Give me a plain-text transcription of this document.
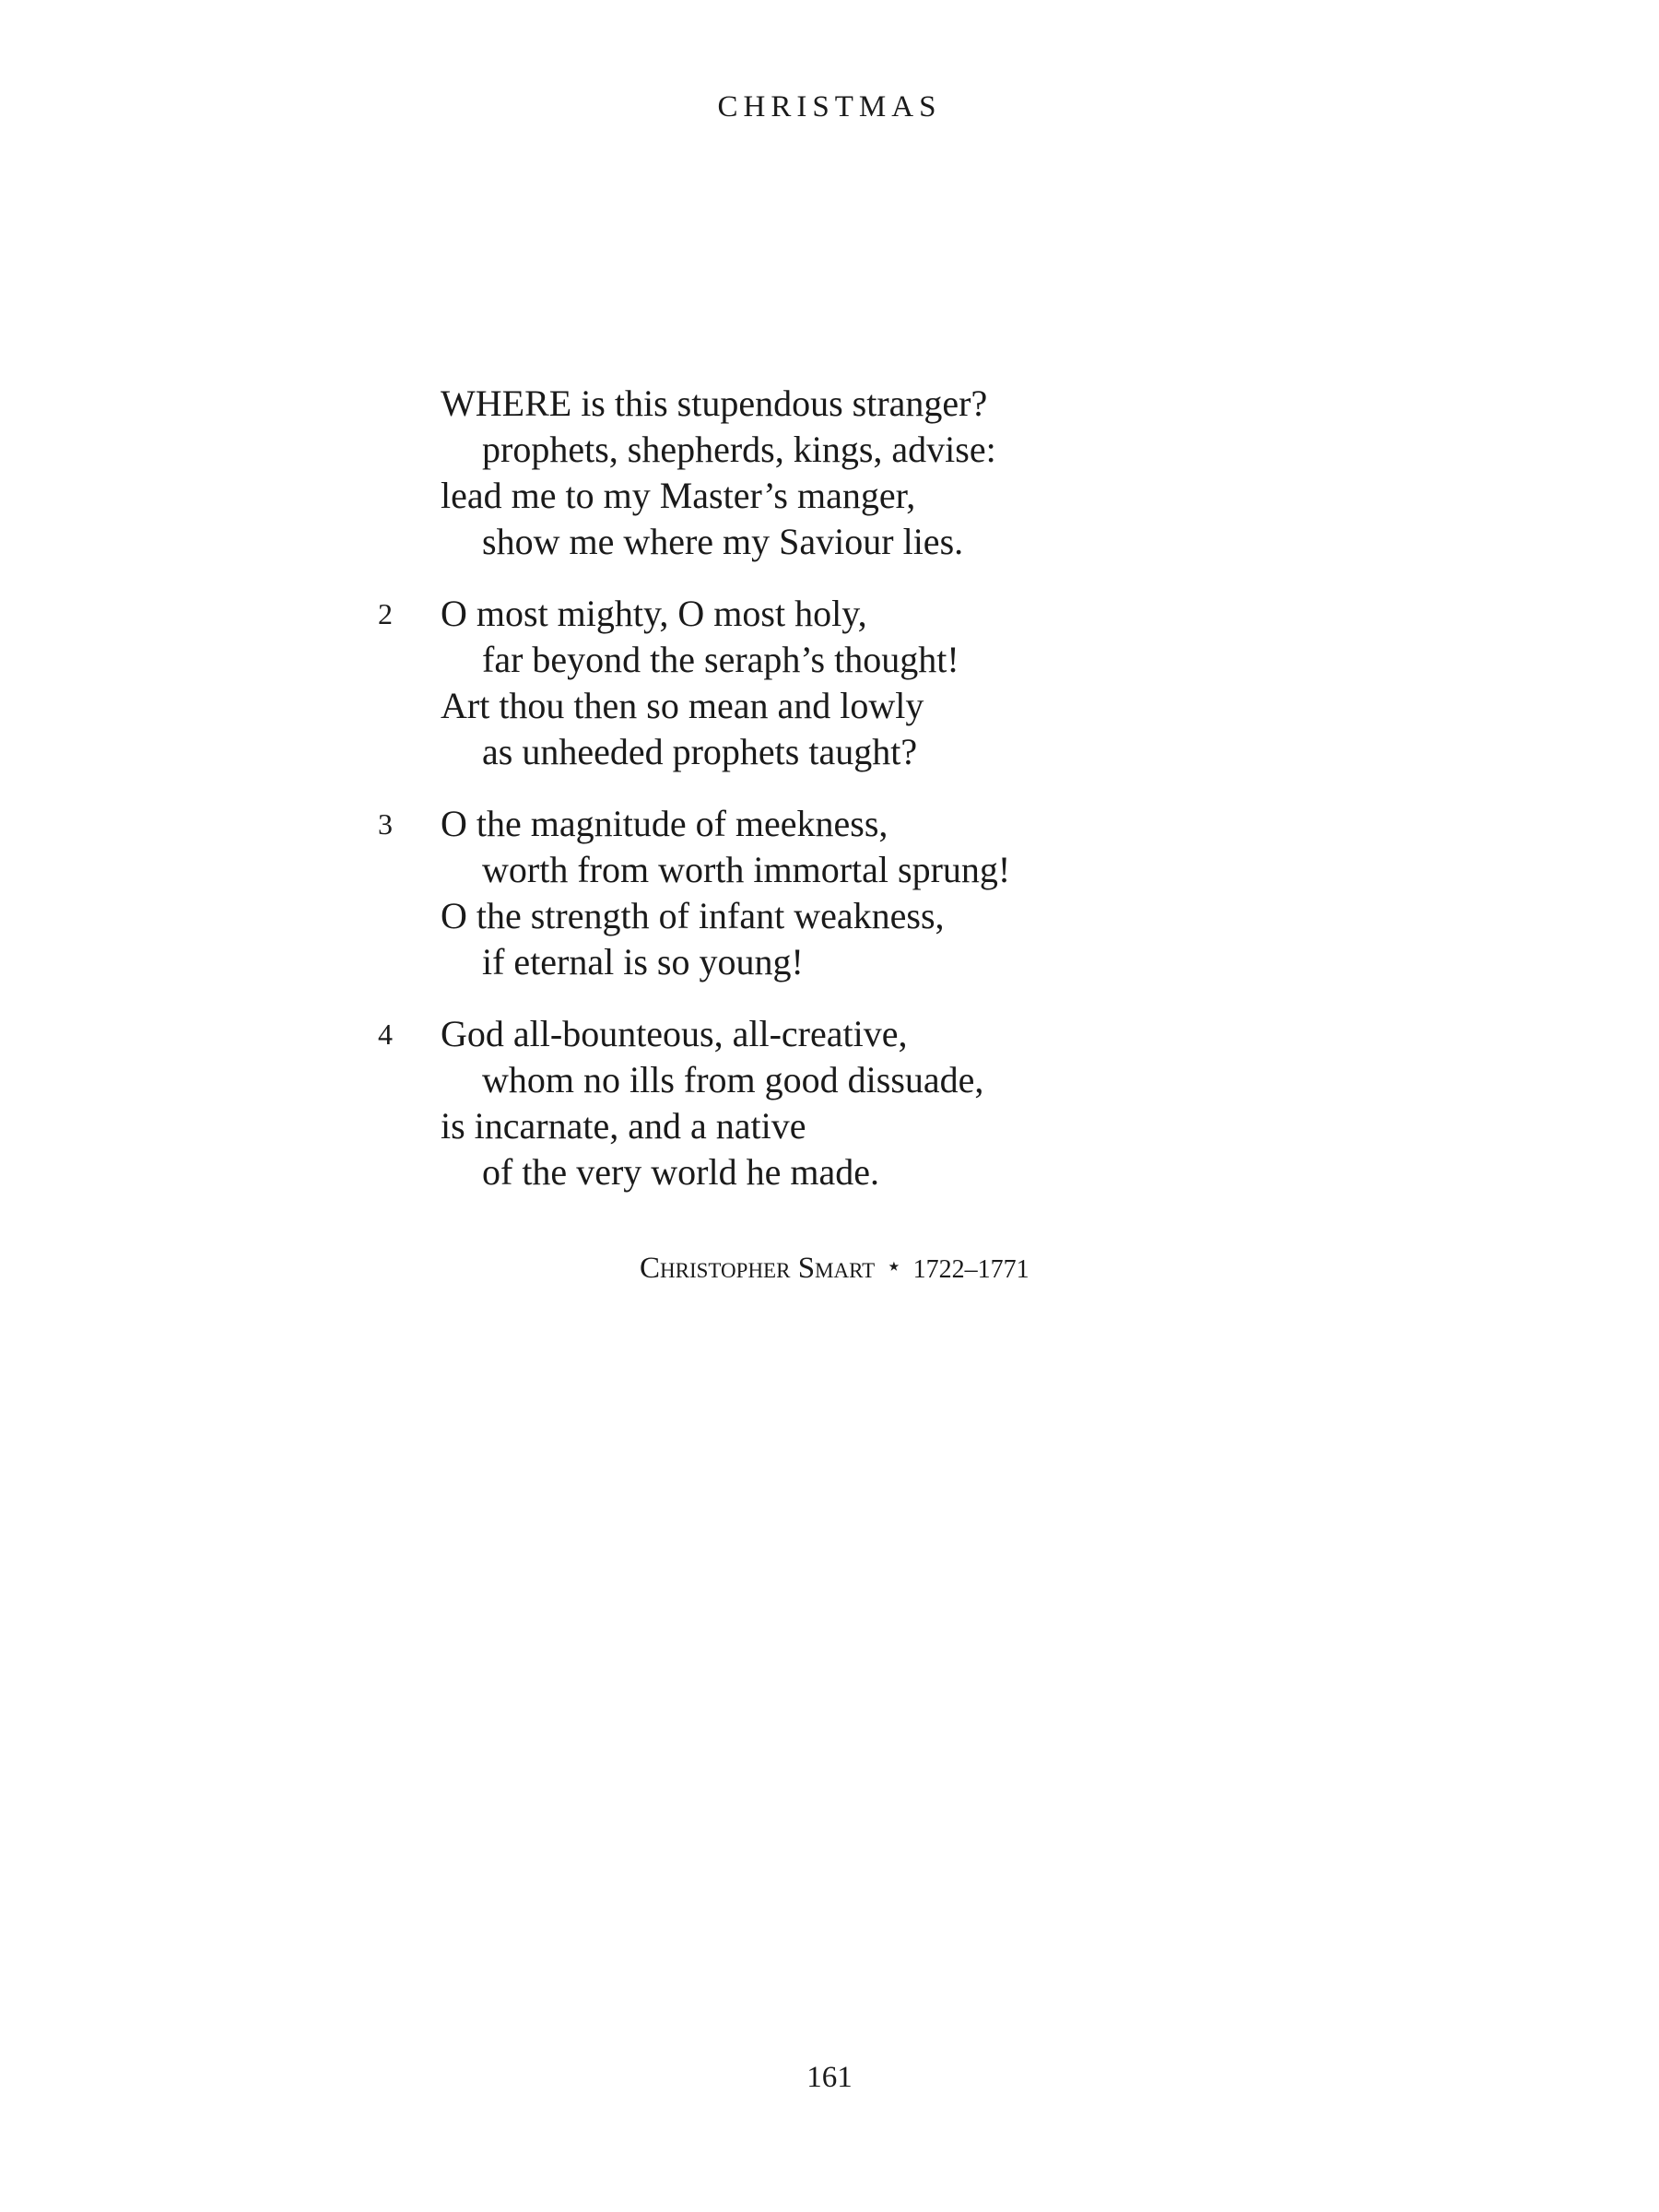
CHRISTMAS
WHERE is this stupendous stranger?
prophets, shepherds, kings, advise:
lead me to my Master’s manger,
show me where my Saviour lies.
2	O most mighty, O most holy,
far beyond the seraph’s thought!
Art thou then so mean and lowly
as unheeded prophets taught?
3	O the magnitude of meekness,
worth from worth immortal sprung!
O the strength of infant weakness,
if eternal is so young!
4	God all-bounteous, all-creative,
whom no ills from good dissuade,
is incarnate, and a native
of the very world he made.
Christopher Smart ⋆ 1722–1771
161
